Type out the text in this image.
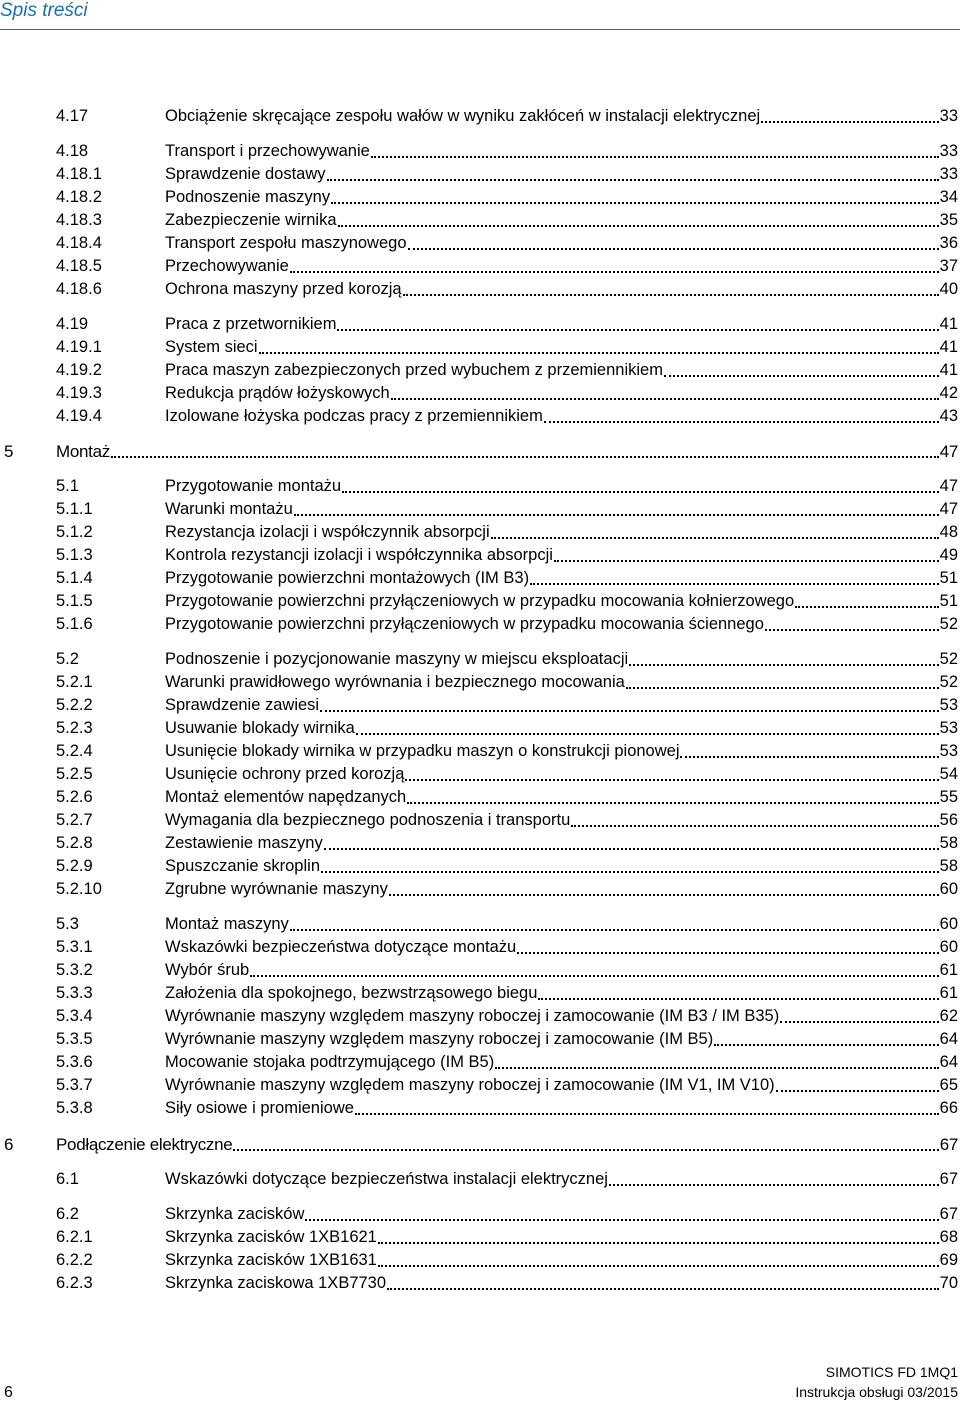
Spis treści
4.17	Obciążenie skręcające zespołu wałów w wyniku zakłóceń w instalacji elektrycznej	33
4.18	Transport i przechowywanie	33
4.18.1	Sprawdzenie dostawy	33
4.18.2	Podnoszenie maszyny	34
4.18.3	Zabezpieczenie wirnika	35
4.18.4	Transport zespołu maszynowego	36
4.18.5	Przechowywanie	37
4.18.6	Ochrona maszyny przed korozją	40
4.19	Praca z przetwornikiem	41
4.19.1	System sieci	41
4.19.2	Praca maszyn zabezpieczonych przed wybuchem z przemiennikiem	41
4.19.3	Redukcja prądów łożyskowych	42
4.19.4	Izolowane łożyska podczas pracy z przemiennikiem	43
5	Montaż	47
5.1	Przygotowanie montażu	47
5.1.1	Warunki montażu	47
5.1.2	Rezystancja izolacji i współczynnik absorpcji	48
5.1.3	Kontrola rezystancji izolacji i współczynnika absorpcji	49
5.1.4	Przygotowanie powierzchni montażowych (IM B3)	51
5.1.5	Przygotowanie powierzchni przyłączeniowych w przypadku mocowania kołnierzowego	51
5.1.6	Przygotowanie powierzchni przyłączeniowych w przypadku mocowania ściennego	52
5.2	Podnoszenie i pozycjonowanie maszyny w miejscu eksploatacji	52
5.2.1	Warunki prawidłowego wyrównania i bezpiecznego mocowania	52
5.2.2	Sprawdzenie zawiesi	53
5.2.3	Usuwanie blokady wirnika	53
5.2.4	Usunięcie blokady wirnika w przypadku maszyn o konstrukcji pionowej	53
5.2.5	Usunięcie ochrony przed korozją	54
5.2.6	Montaż elementów napędzanych	55
5.2.7	Wymagania dla bezpiecznego podnoszenia i transportu	56
5.2.8	Zestawienie maszyny	58
5.2.9	Spuszczanie skroplin	58
5.2.10	Zgrubne wyrównanie maszyny	60
5.3	Montaż maszyny	60
5.3.1	Wskazówki bezpieczeństwa dotyczące montażu	60
5.3.2	Wybór śrub	61
5.3.3	Założenia dla spokojnego, bezwstrząsowego biegu	61
5.3.4	Wyrównanie maszyny względem maszyny roboczej i zamocowanie (IM B3 / IM B35)	62
5.3.5	Wyrównanie maszyny względem maszyny roboczej i zamocowanie (IM B5)	64
5.3.6	Mocowanie stojaka podtrzymującego (IM B5)	64
5.3.7	Wyrównanie maszyny względem maszyny roboczej i zamocowanie (IM V1, IM V10)	65
5.3.8	Siły osiowe i promieniowe	66
6	Podłączenie elektryczne	67
6.1	Wskazówki dotyczące bezpieczeństwa instalacji elektrycznej	67
6.2	Skrzynka zacisków	67
6.2.1	Skrzynka zacisków 1XB1621	68
6.2.2	Skrzynka zacisków 1XB1631	69
6.2.3	Skrzynka zaciskowa 1XB7730	70
6
SIMOTICS FD 1MQ1
Instrukcja obsługi 03/2015
